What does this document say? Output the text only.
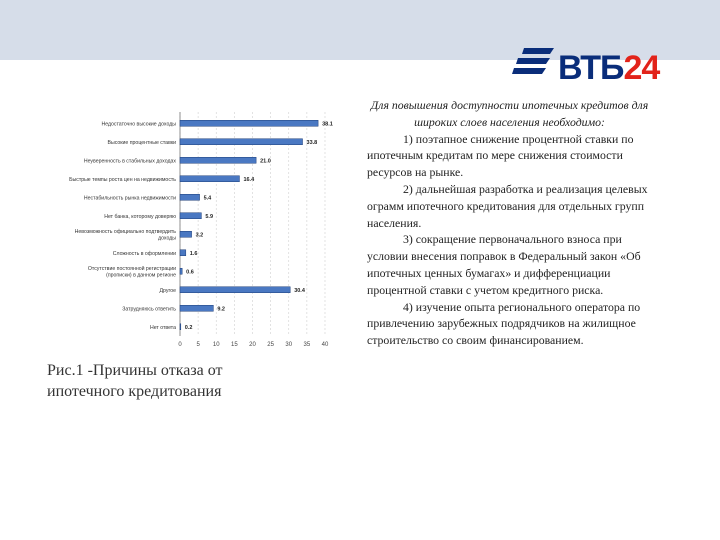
ВТБ24
0 5 10 15 20 25 30 35 40
Недостаточно высокие доходы	38.1
Высокие процентные ставки	33.8
Неуверенность в стабильных доходах	21.0
Быстрые темпы роста цен на недвижимость	16.4
Нестабильность рынка недвижимости	5.4
Нет банка, которому доверяю	5.9
Невозможность официально подтвердить
доходы
3.2
Сложность в оформлении	1.6
Отсутствие постоянной регистрации
(прописки) в данном регионе
0.6
Другое	30.4
Затрудняюсь ответить	9.2
Нет ответа 0.2
Рис.1 -Причины отказа от ипотечного кредитования
Для повышения доступности ипотечных кредитов для широких слоев населения необходимо:

1) поэтапное снижение процентной ставки по ипотечным кредитам по мере снижения стоимости ресурсов на рынке.

2) дальнейшая разработка и реализация целевых ограмм ипотечного кредитования для отдельных групп населения.

3) сокращение первоначального взноса при условии внесения поправок в Федеральный закон «Об ипотечных ценных бумагах» и дифференциации процентной ставки с учетом кредитного риска.

4) изучение опыта регионального оператора по привлечению зарубежных подрядчиков на жилищное строительство со своим финансированием.
